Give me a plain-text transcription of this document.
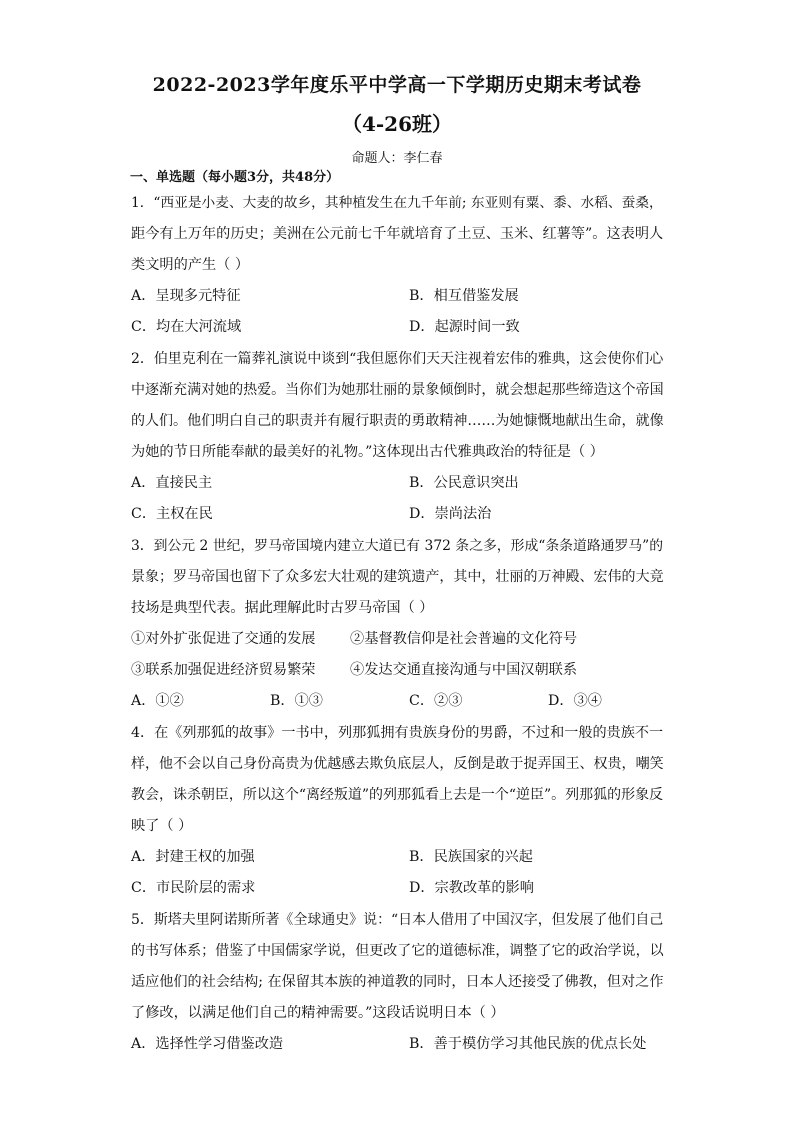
2022-2023学年度乐平中学高一下学期历史期末考试卷
（4-26班）
命题人：李仁春
一、单选题（每小题3分，共48分）
1．“西亚是小麦、大麦的故乡，其种植发生在九千年前; 东亚则有粟、黍、水稻、蚕桑，
距今有上万年的历史；美洲在公元前七千年就培育了土豆、玉米、红薯等”。这表明人
类文明的产生（ ）
A．呈现多元特征	B．相互借鉴发展
C．均在大河流域	D．起源时间一致
2．伯里克利在一篇葬礼演说中谈到“我但愿你们天天注视着宏伟的雅典，这会使你们心
中逐渐充满对她的热爱。当你们为她那壮丽的景象倾倒时，就会想起那些缔造这个帝国
的人们。他们明白自己的职责并有履行职责的勇敢精神……为她慷慨地献出生命，就像
为她的节日所能奉献的最美好的礼物。”这体现出古代雅典政治的特征是（ ）
A．直接民主	B．公民意识突出
C．主权在民	D．崇尚法治
3．到公元 2 世纪，罗马帝国境内建立大道已有 372 条之多，形成“条条道路通罗马”的
景象；罗马帝国也留下了众多宏大壮观的建筑遗产，其中，壮丽的万神殿、宏伟的大竞
技场是典型代表。据此理解此时古罗马帝国（ ）
①对外扩张促进了交通的发展 ②基督教信仰是社会普遍的文化符号
③联系加强促进经济贸易繁荣 ④发达交通直接沟通与中国汉朝联系
A．①②	B．①③	C．②③	D．③④
4．在《列那狐的故事》一书中，列那狐拥有贵族身份的男爵，不过和一般的贵族不一
样，他不会以自己身份高贵为优越感去欺负底层人，反倒是敢于捉弄国王、权贵，嘲笑
教会，诛杀朝臣，所以这个“离经叛道”的列那狐看上去是一个“逆臣”。列那狐的形象反
映了（ ）
A．封建王权的加强	B．民族国家的兴起
C．市民阶层的需求	D．宗教改革的影响
5．斯塔夫里阿诺斯所著《全球通史》说：“日本人借用了中国汉字，但发展了他们自己
的书写体系；借鉴了中国儒家学说，但更改了它的道德标准，调整了它的政治学说，以
适应他们的社会结构; 在保留其本族的神道教的同时，日本人还接受了佛教，但对之作
了修改，以满足他们自己的精神需要。”这段话说明日本（ ）
A．选择性学习借鉴改造	B．善于模仿学习其他民族的优点长处
